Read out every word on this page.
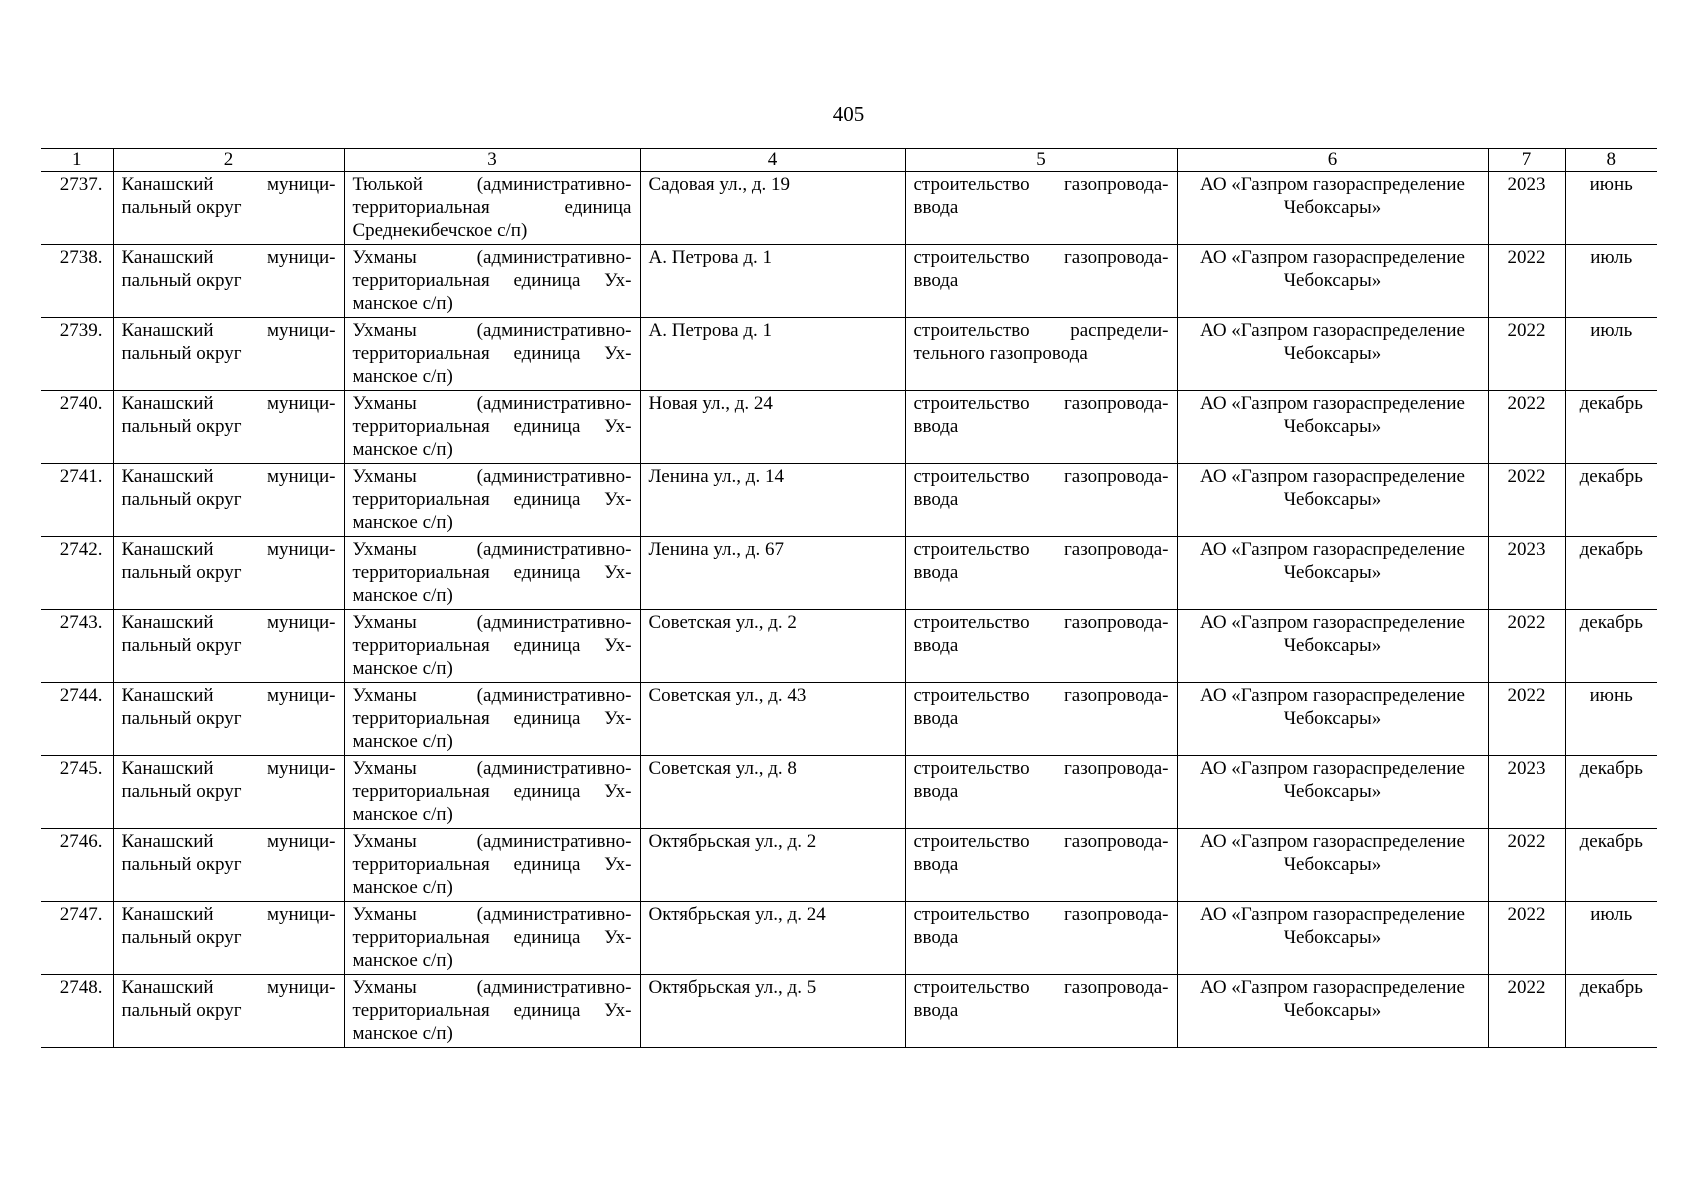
405
1	2	3	4	5	6	7	8
2737.	Канашский муници-пальный округ	Тюлькой (административно-территориальная единица Среднекибечское с/п)	Садовая ул., д. 19	строительство газопровода-ввода	АО «Газпром газораспределение Чебоксары»	2023	июнь
2738.	Канашский муници-пальный округ	Ухманы (административно-территориальная единица Ух-манское с/п)	А. Петрова д. 1	строительство газопровода-ввода	АО «Газпром газораспределение Чебоксары»	2022	июль
2739.	Канашский муници-пальный округ	Ухманы (административно-территориальная единица Ух-манское с/п)	А. Петрова д. 1	строительство распредели-тельного газопровода	АО «Газпром газораспределение Чебоксары»	2022	июль
2740.	Канашский муници-пальный округ	Ухманы (административно-территориальная единица Ух-манское с/п)	Новая ул., д. 24	строительство газопровода-ввода	АО «Газпром газораспределение Чебоксары»	2022	декабрь
2741.	Канашский муници-пальный округ	Ухманы (административно-территориальная единица Ух-манское с/п)	Ленина ул., д. 14	строительство газопровода-ввода	АО «Газпром газораспределение Чебоксары»	2022	декабрь
2742.	Канашский муници-пальный округ	Ухманы (административно-территориальная единица Ух-манское с/п)	Ленина ул., д. 67	строительство газопровода-ввода	АО «Газпром газораспределение Чебоксары»	2023	декабрь
2743.	Канашский муници-пальный округ	Ухманы (административно-территориальная единица Ух-манское с/п)	Советская ул., д. 2	строительство газопровода-ввода	АО «Газпром газораспределение Чебоксары»	2022	декабрь
2744.	Канашский муници-пальный округ	Ухманы (административно-территориальная единица Ух-манское с/п)	Советская ул., д. 43	строительство газопровода-ввода	АО «Газпром газораспределение Чебоксары»	2022	июнь
2745.	Канашский муници-пальный округ	Ухманы (административно-территориальная единица Ух-манское с/п)	Советская ул., д. 8	строительство газопровода-ввода	АО «Газпром газораспределение Чебоксары»	2023	декабрь
2746.	Канашский муници-пальный округ	Ухманы (административно-территориальная единица Ух-манское с/п)	Октябрьская ул., д. 2	строительство газопровода-ввода	АО «Газпром газораспределение Чебоксары»	2022	декабрь
2747.	Канашский муници-пальный округ	Ухманы (административно-территориальная единица Ух-манское с/п)	Октябрьская ул., д. 24	строительство газопровода-ввода	АО «Газпром газораспределение Чебоксары»	2022	июль
2748.	Канашский муници-пальный округ	Ухманы (административно-территориальная единица Ух-манское с/п)	Октябрьская ул., д. 5	строительство газопровода-ввода	АО «Газпром газораспределение Чебоксары»	2022	декабрь
